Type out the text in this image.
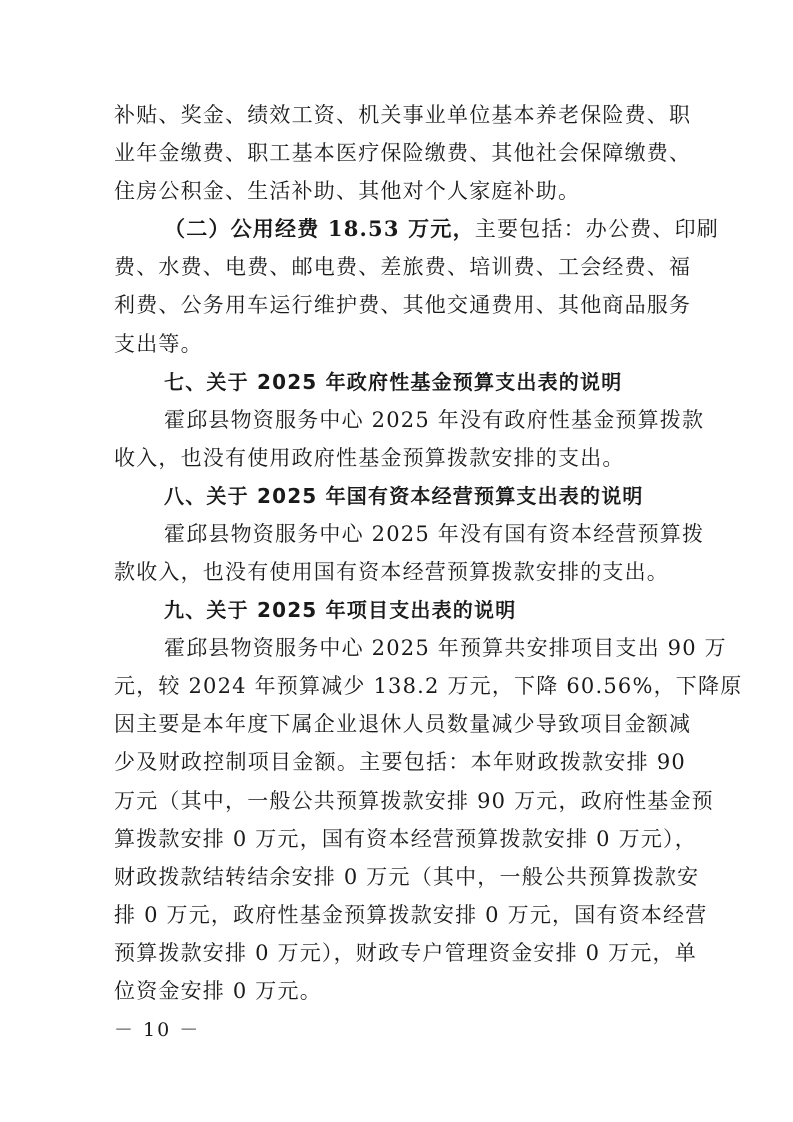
补贴、奖金、绩效工资、机关事业单位基本养老保险费、职
业年金缴费、职工基本医疗保险缴费、其他社会保障缴费、
住房公积金、生活补助、其他对个人家庭补助。
（二）公用经费 18.53 万元，主要包括：办公费、印刷
费、水费、电费、邮电费、差旅费、培训费、工会经费、福
利费、公务用车运行维护费、其他交通费用、其他商品服务
支出等。
七、关于 2025 年政府性基金预算支出表的说明
霍邱县物资服务中心 2025 年没有政府性基金预算拨款
收入，也没有使用政府性基金预算拨款安排的支出。
八、关于 2025 年国有资本经营预算支出表的说明
霍邱县物资服务中心 2025 年没有国有资本经营预算拨
款收入，也没有使用国有资本经营预算拨款安排的支出。
九、关于 2025 年项目支出表的说明
霍邱县物资服务中心 2025 年预算共安排项目支出 90 万
元，较 2024 年预算减少 138.2 万元，下降 60.56%，下降原
因主要是本年度下属企业退休人员数量减少导致项目金额减
少及财政控制项目金额。主要包括：本年财政拨款安排 90
万元（其中，一般公共预算拨款安排 90 万元，政府性基金预
算拨款安排 0 万元，国有资本经营预算拨款安排 0 万元），
财政拨款结转结余安排 0 万元（其中，一般公共预算拨款安
排 0 万元，政府性基金预算拨款安排 0 万元，国有资本经营
预算拨款安排 0 万元），财政专户管理资金安排 0 万元，单
位资金安排 0 万元。
－ 10 －
